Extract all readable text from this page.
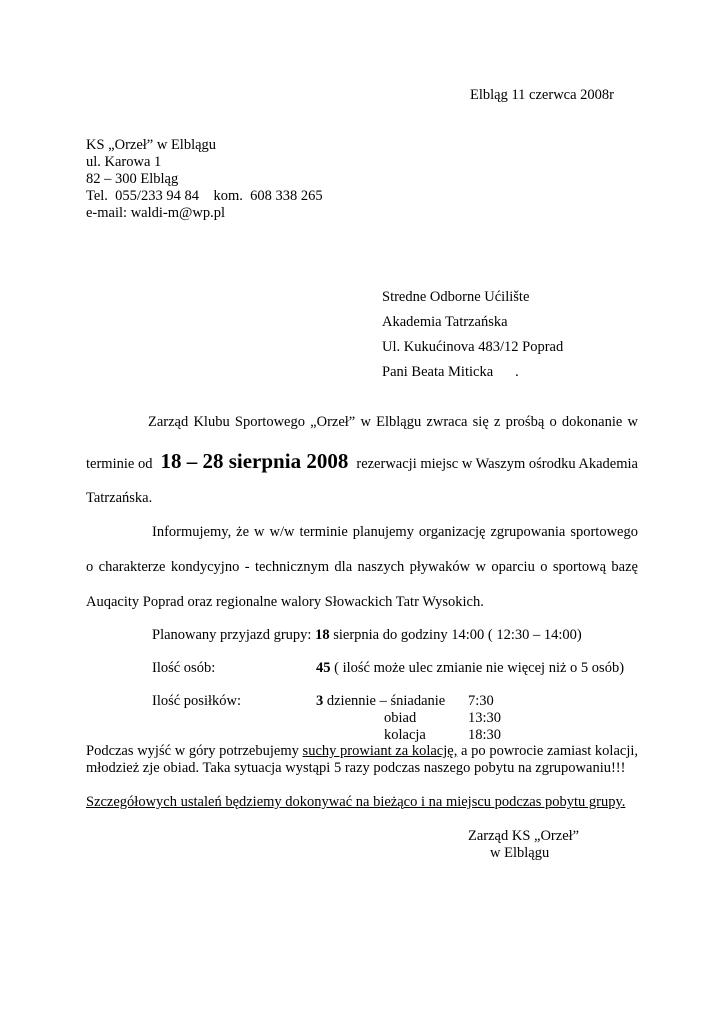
Elbląg 11 czerwca 2008r
KS „Orzeł” w Elblągu
ul. Karowa 1
82 – 300 Elbląg
Tel.  055/233 94 84    kom.  608 338 265
e-mail: waldi-m@wp.pl
Stredne Odborne Ućilište
Akademia Tatrzańska
Ul. Kukućinova 483/12 Poprad
Pani Beata Miticka .
Zarząd Klubu Sportowego „Orzeł” w Elblągu zwraca się z prośbą o dokonanie w
terminie od 18 – 28 sierpnia 2008 rezerwacji miejsc w Waszym ośrodku Akademia
Tatrzańska.
Informujemy, że w w/w terminie planujemy organizację zgrupowania sportowego
o charakterze kondycyjno - technicznym dla naszych pływaków w oparciu o sportową bazę
Auqacity Poprad oraz regionalne walory Słowackich Tatr Wysokich.
Planowany przyjazd grupy: 18 sierpnia do godziny 14:00 ( 12:30 – 14:00)
Ilość osób:	45 ( ilość może ulec zmianie nie więcej niż o 5 osób)
Ilość posiłków:	3 dziennie – śniadanie 7:30
obiad	13:30
kolacja	18:30
Podczas wyjść w góry potrzebujemy suchy prowiant za kolację, a po powrocie zamiast kolacji, młodzież zje obiad. Taka sytuacja wystąpi 5 razy podczas naszego pobytu na zgrupowaniu!!!
Szczegółowych ustaleń będziemy dokonywać na bieżąco i na miejscu podczas pobytu grupy.
Zarząd KS „Orzeł”
w Elblągu
